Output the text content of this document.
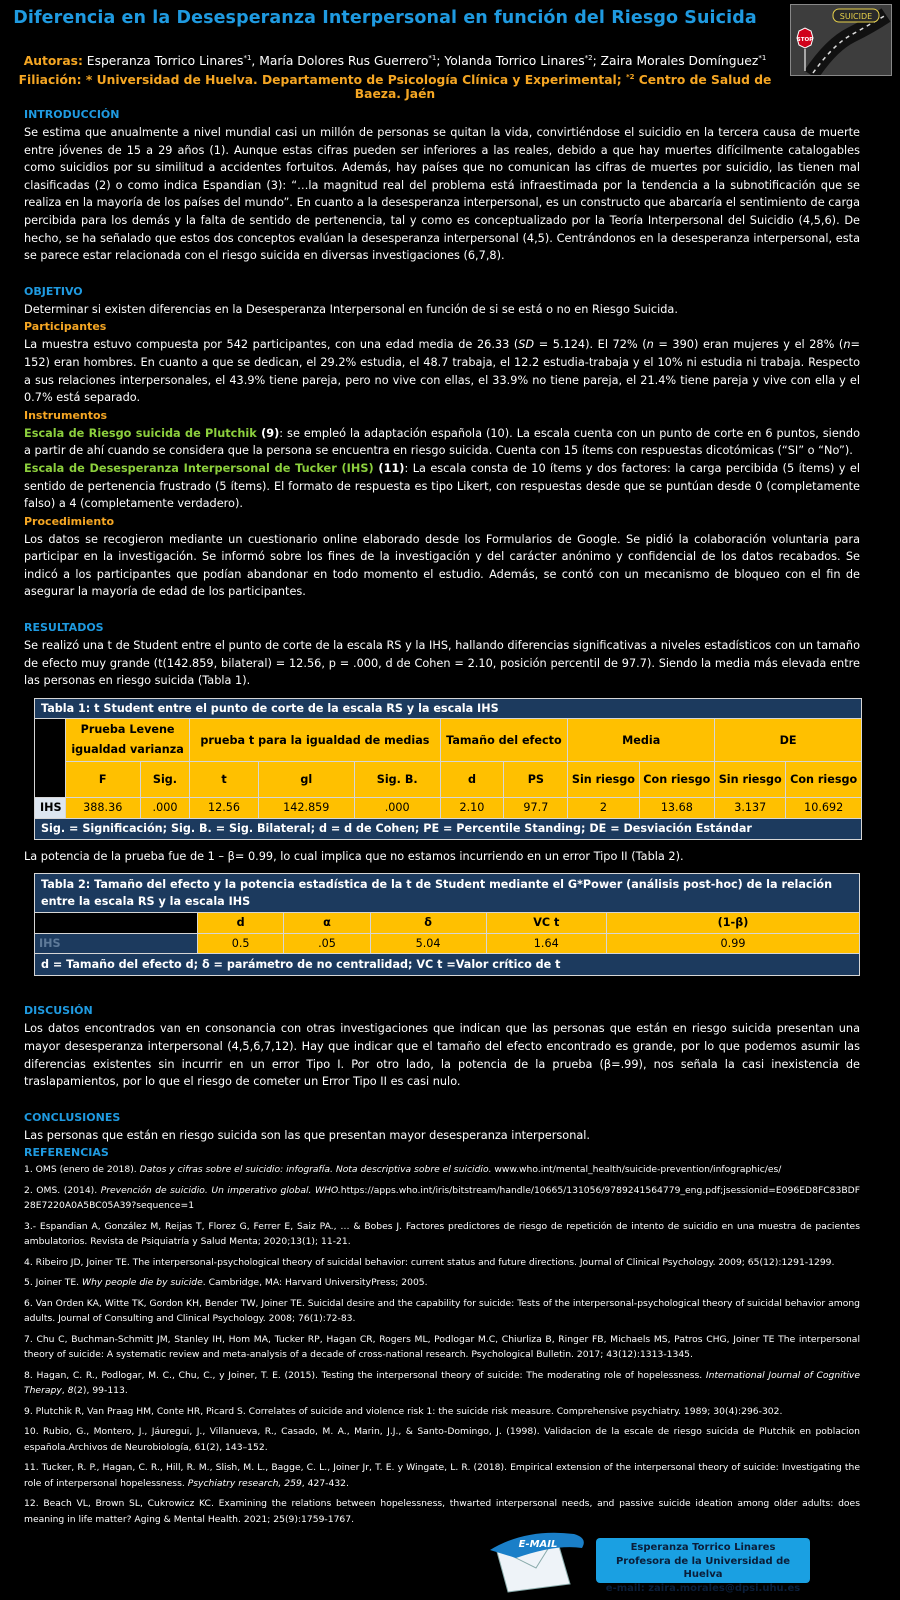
Diferencia en la Desesperanza Interpersonal en función del Riesgo Suicida
Autoras: Esperanza Torrico Linares$^{*1}$, María Dolores Rus Guerrero$^{*1}$; Yolanda Torrico Linares$^{*2}$; Zaira Morales Domínguez$^{*1}$
Filiación: * Universidad de Huelva. Departamento de Psicología Clínica y Experimental; $^{*2}$ Centro de Salud de Baeza. Jaén
SUICIDE
STOP

INTRODUCCIÓN

Se estima que anualmente a nivel mundial casi un millón de personas se quitan la vida, convirtiéndose el suicidio en la tercera causa de muerte entre jóvenes de 15 a 29 años (1). Aunque estas cifras pueden ser inferiores a las reales, debido a que hay muertes difícilmente catalogables como suicidios por su similitud a accidentes fortuitos. Además, hay países que no comunican las cifras de muertes por suicidio, las tienen mal clasificadas (2) o como indica Espandian (3): “…la magnitud real del problema está infraestimada por la tendencia a la subnotificación que se realiza en la mayoría de los países del mundo”. En cuanto a la desesperanza interpersonal, es un constructo que abarcaría el sentimiento de carga percibida para los demás y la falta de sentido de pertenencia, tal y como es conceptualizado por la Teoría Interpersonal del Suicidio (4,5,6). De hecho, se ha señalado que estos dos conceptos evalúan la desesperanza interpersonal (4,5). Centrándonos en la desesperanza interpersonal, esta se parece estar relacionada con el riesgo suicida en diversas investigaciones (6,7,8).

OBJETIVO

Determinar si existen diferencias en la Desesperanza Interpersonal en función de si se está o no en Riesgo Suicida.

Participantes

La muestra estuvo compuesta por 542 participantes, con una edad media de 26.33 (SD = 5.124). El 72% (n = 390) eran mujeres y el 28% (n= 152) eran hombres. En cuanto a que se dedican, el 29.2% estudia, el 48.7 trabaja, el 12.2 estudia-trabaja y el 10% ni estudia ni trabaja. Respecto a sus relaciones interpersonales, el 43.9% tiene pareja, pero no vive con ellas, el 33.9% no tiene pareja, el 21.4% tiene pareja y vive con ella y el 0.7% está separado.

Instrumentos

Escala de Riesgo suicida de Plutchik (9): se empleó la adaptación española (10). La escala cuenta con un punto de corte en 6 puntos, siendo a partir de ahí cuando se considera que la persona se encuentra en riesgo suicida. Cuenta con 15 ítems con respuestas dicotómicas (“SI” o “No”).

Escala de Desesperanza Interpersonal de Tucker (IHS) (11): La escala consta de 10 ítems y dos factores: la carga percibida (5 ítems) y el sentido de pertenencia frustrado (5 ítems). El formato de respuesta es tipo Likert, con respuestas desde que se puntúan desde 0 (completamente falso) a 4 (completamente verdadero).

Procedimiento

Los datos se recogieron mediante un cuestionario online elaborado desde los Formularios de Google. Se pidió la colaboración voluntaria para participar en la investigación. Se informó sobre los fines de la investigación y del carácter anónimo y confidencial de los datos recabados. Se indicó a los participantes que podían abandonar en todo momento el estudio. Además, se contó con un mecanismo de bloqueo con el fin de asegurar la mayoría de edad de los participantes.

RESULTADOS

Se realizó una t de Student entre el punto de corte de la escala RS y la IHS, hallando diferencias significativas a niveles estadísticos con un tamaño de efecto muy grande (t(142.859, bilateral) = 12.56, p = .000, d de Cohen = 2.10, posición percentil de 97.7). Siendo la media más elevada entre las personas en riesgo suicida (Tabla 1).

Tabla 1: t Student entre el punto de corte de la escala RS y la escala IHS											
	Prueba Levene
igualdad varianza		prueba t para la igualdad de medias			Tamaño del efecto		Media		DE	
	F	Sig.	t	gl	Sig. B.	d	PS	Sin riesgo	Con riesgo	Sin riesgo	Con riesgo
IHS	388.36	.000	12.56	142.859	.000	2.10	97.7	2	13.68	3.137	10.692
Sig. = Significación; Sig. B. = Sig. Bilateral; d = d de Cohen; PE = Percentile Standing; DE = Desviación Estándar											

La potencia de la prueba fue de 1 – β= 0.99, lo cual implica que no estamos incurriendo en un error Tipo II (Tabla 2).

Tabla 2: Tamaño del efecto y la potencia estadística de la t de Student mediante el G*Power (análisis post-hoc) de la relación entre la escala RS y la escala IHS					
	d	α	δ	VC t	(1-β)
IHS	0.5	.05	5.04	1.64	0.99
d = Tamaño del efecto d; δ = parámetro de no centralidad; VC t =Valor crítico de t					

DISCUSIÓN

Los datos encontrados van en consonancia con otras investigaciones que indican que las personas que están en riesgo suicida presentan una mayor desesperanza interpersonal (4,5,6,7,12). Hay que indicar que el tamaño del efecto encontrado es grande, por lo que podemos asumir las diferencias existentes sin incurrir en un error Tipo I. Por otro lado, la potencia de la prueba (β=.99), nos señala la casi inexistencia de traslapamientos, por lo que el riesgo de cometer un Error Tipo II es casi nulo.

CONCLUSIONES

Las personas que están en riesgo suicida son las que presentan mayor desesperanza interpersonal.

REFERENCIAS

1. OMS (enero de 2018). Datos y cifras sobre el suicidio: infografía. Nota descriptiva sobre el suicidio. www.who.int/mental_health/suicide-prevention/infographic/es/

2. OMS. (2014). Prevención de suicidio. Un imperativo global. WHO.https://apps.who.int/iris/bitstream/handle/10665/131056/9789241564779_eng.pdf;jsessionid=E096ED8FC83BDF28E7220A0A5BC05A39?sequence=1

3.- Espandian A, González M, Reijas T, Florez G, Ferrer E, Saiz PA., … & Bobes J. Factores predictores de riesgo de repetición de intento de suicidio en una muestra de pacientes ambulatorios. Revista de Psiquiatría y Salud Menta; 2020;13(1); 11-21.

4. Ribeiro JD, Joiner TE. The interpersonal-psychological theory of suicidal behavior: current status and future directions. Journal of Clinical Psychology. 2009; 65(12):1291-1299.

5. Joiner TE. Why people die by suicide. Cambridge, MA: Harvard UniversityPress; 2005.

6. Van Orden KA, Witte TK, Gordon KH, Bender TW, Joiner TE. Suicidal desire and the capability for suicide: Tests of the interpersonal-psychological theory of suicidal behavior among adults. Journal of Consulting and Clinical Psychology. 2008; 76(1):72-83.

7. Chu C, Buchman-Schmitt JM, Stanley IH, Hom MA, Tucker RP, Hagan CR, Rogers ML, Podlogar M.C, Chiurliza B, Ringer FB, Michaels MS, Patros CHG, Joiner TE The interpersonal theory of suicide: A systematic review and meta-analysis of a decade of cross-national research. Psychological Bulletin. 2017; 43(12):1313-1345.

8. Hagan, C. R., Podlogar, M. C., Chu, C., y Joiner, T. E. (2015). Testing the interpersonal theory of suicide: The moderating role of hopelessness. International Journal of Cognitive Therapy, 8(2), 99-113.

9. Plutchik R, Van Praag HM, Conte HR, Picard S. Correlates of suicide and violence risk 1: the suicide risk measure. Comprehensive psychiatry. 1989; 30(4):296-302.

10. Rubio, G., Montero, J., Jáuregui, J., Villanueva, R., Casado, M. A., Marin, J.J., & Santo-Domingo, J. (1998). Validacion de la escale de riesgo suicida de Plutchik en poblacion española.Archivos de Neurobiología, 61(2), 143–152.

11. Tucker, R. P., Hagan, C. R., Hill, R. M., Slish, M. L., Bagge, C. L., Joiner Jr, T. E. y Wingate, L. R. (2018). Empirical extension of the interpersonal theory of suicide: Investigating the role of interpersonal hopelessness. Psychiatry research, 259, 427-432.

12. Beach VL, Brown SL, Cukrowicz KC. Examining the relations between hopelessness, thwarted interpersonal needs, and passive suicide ideation among older adults: does meaning in life matter? Aging & Mental Health. 2021; 25(9):1759-1767.

E-MAIL	Esperanza Torrico Linares
Profesora de la Universidad de Huelva
e-mail: zaira.morales@dpsi.uhu.es
